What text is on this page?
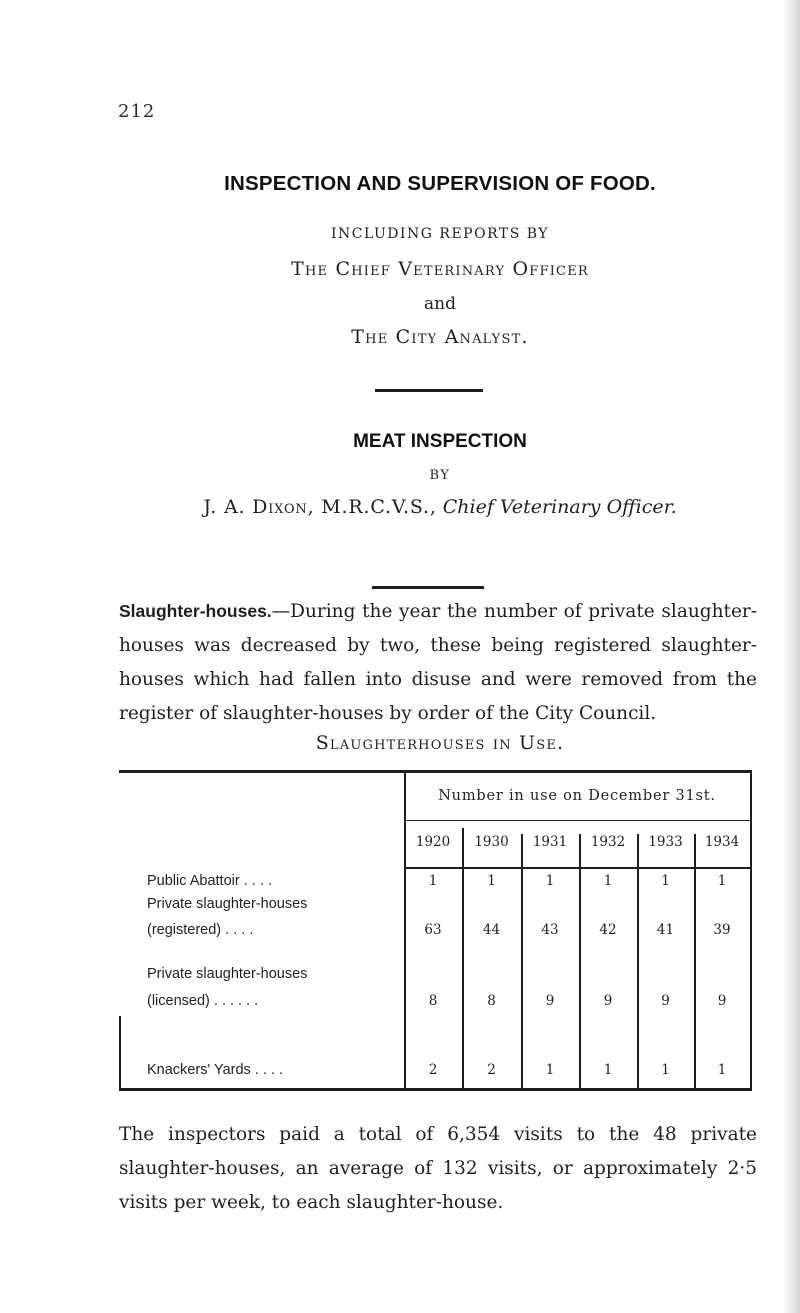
212
INSPECTION AND SUPERVISION OF FOOD.
INCLUDING REPORTS BY
The Chief Veterinary Officer
and
The City Analyst.
MEAT INSPECTION
BY
J. A. Dixon, M.R.C.V.S., Chief Veterinary Officer.
Slaughter-houses.—During the year the number of private slaughter-houses was decreased by two, these being registered slaughter-houses which had fallen into disuse and were removed from the register of slaughter-houses by order of the City Council.
Slaughterhouses in Use.
Number in use on December 31st.
1920
1
63
8
2
1930
1
44
8
2
1931
1
43
9
1
1932
1
42
9
1
1933
1
41
9
1
1934
1
39
9
1
Public Abattoir . . . .
Private slaughter-houses
(registered) . . . .
Private slaughter-houses
(licensed) . . . . . .
Knackers' Yards . . . .
The inspectors paid a total of 6,354 visits to the 48 private slaughter-houses, an average of 132 visits, or approximately 2·5 visits per week, to each slaughter-house.
